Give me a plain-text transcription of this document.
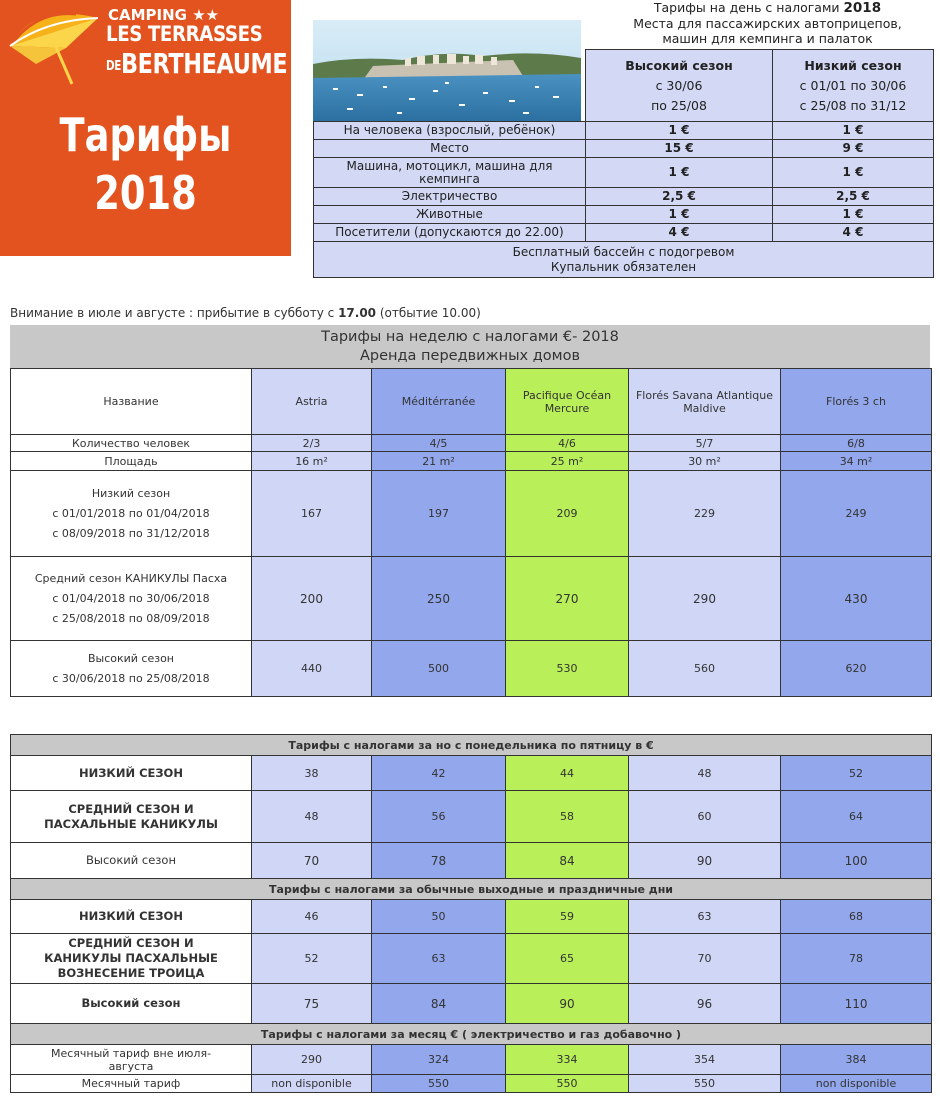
CAMPING ★★
LES TERRASSES
DEBERTHEAUME
Тарифы
2018
Тарифы на день с налогами 2018
Места для пассажирских автоприцепов,
машин для кемпинга и палаток
	Высокий сезон
с 30/06
по 25/08	Низкий сезон
с 01/01 по 30/06
с 25/08 по 31/12
На человека (взрослый, ребёнок)	1 €	1 €
Место	15 €	9 €
Машина, мотоцикл, машина для кемпинга	1 €	1 €
Электричество	2,5 €	2,5 €
Животные	1 €	1 €
Посетители (допускаются до 22.00)	4 €	4 €

Бесплатный бассейн с подогревом
Купальник обязателен		
Внимание в июле и августе : прибытие в субботу с 17.00 (отбытие 10.00)
Тарифы на неделю с налогами €- 2018
Аренда передвижных домов
Название	Astria	Méditérranée	Pacifique Océan Mercure	Florés Savana Atlantique Maldive	Florés 3 ch
Количество человек	2/3	4/5	4/6	5/7	6/8
Площадь	16 m²	21 m²	25 m²	30 m²	34 m²

Низкий сезон
с 01/01/2018 по 01/04/2018
с 08/09/2018 по 31/12/2018	167	197	209	229	249

Средний сезон КАНИКУЛЫ Пасха
с 01/04/2018 по 30/06/2018
с 25/08/2018 по 08/09/2018	200	250	270	290	430

Высокий сезон
с 30/06/2018 по 25/08/2018	440	500	530	560	620
Тарифы с налогами за но с понедельника по пятницу в €					
НИЗКИЙ СЕЗОН	38	42	44	48	52
СРЕДНИЙ СЕЗОН И ПАСХАЛЬНЫЕ КАНИКУЛЫ	48	56	58	60	64
Высокий сезон	70	78	84	90	100
Тарифы с налогами за обычные выходные и праздничные дни					
НИЗКИЙ СЕЗОН	46	50	59	63	68
СРЕДНИЙ СЕЗОН И КАНИКУЛЫ ПАСХАЛЬНЫЕ ВОЗНЕСЕНИЕ ТРОИЦА	52	63	65	70	78
Высокий сезон	75	84	90	96	110
Тарифы с налогами за месяц € ( электричество и газ добавочно )					
Месячный тариф вне июля-августа	290	324	334	354	384
Месячный тариф	non disponible	550	550	550	non disponible
